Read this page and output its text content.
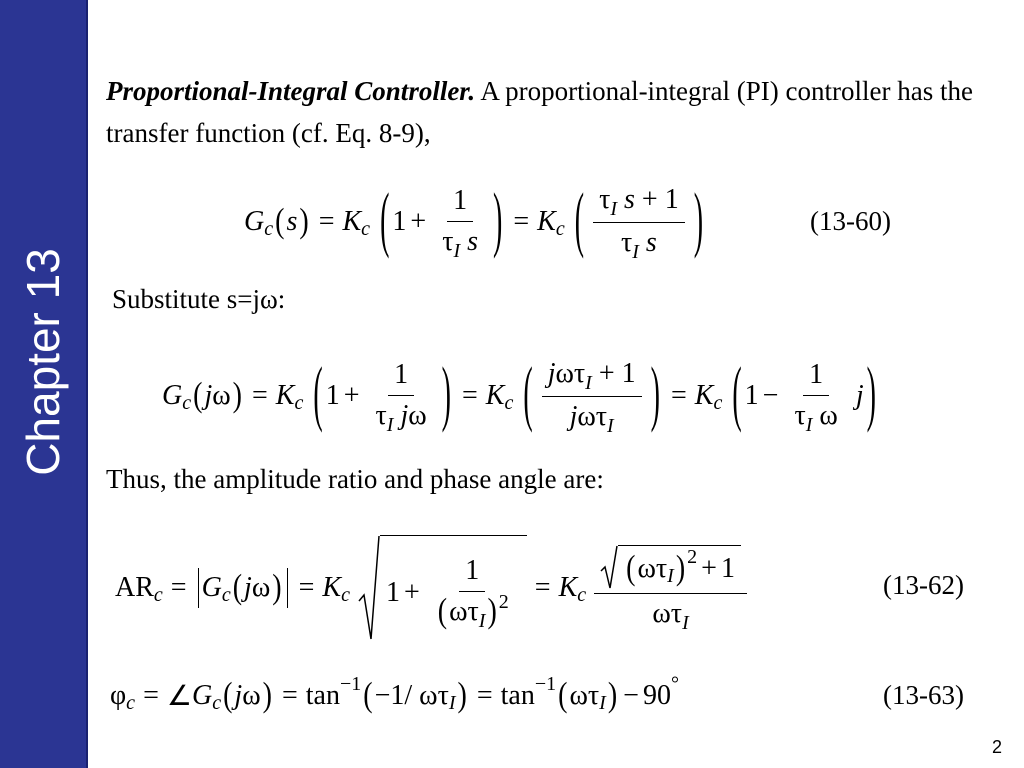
Chapter 13

Proportional-Integral Controller. A proportional-integral (PI) controller has the transfer function (cf. Eq. 8-9),

G c ( s ) = K c ( $1 + \frac{1}{\tau_I s}$ ) = K c ( $\frac{\tau_I s + 1}{\tau_I s}$ )	(13-60)

Substitute s=jω:

G c ( j ω ) = K c ( $1 + \frac{1}{\tau_I j\omega}$ ) = K c ( $\frac{j\omega\tau_I + 1}{j\omega\tau_I}$ ) = K c ( $1 - \frac{1}{\tau_I \omega}$ j )

Thus, the amplitude ratio and phase angle are:

AR c = G c ( j ω ) = K c $1 + \frac{1}{(\omega\tau_I) ^2} = K$ c $\frac{\text{( ωτ I ) 2 + 1}}{\omega\tau_I}$	(13-62)
φ c = ∠ G c ( j ω ) = tan −1 ( −1/ ωτ I ) = tan −1 ( ωτ I ) − 90 °	(13-63)
2
